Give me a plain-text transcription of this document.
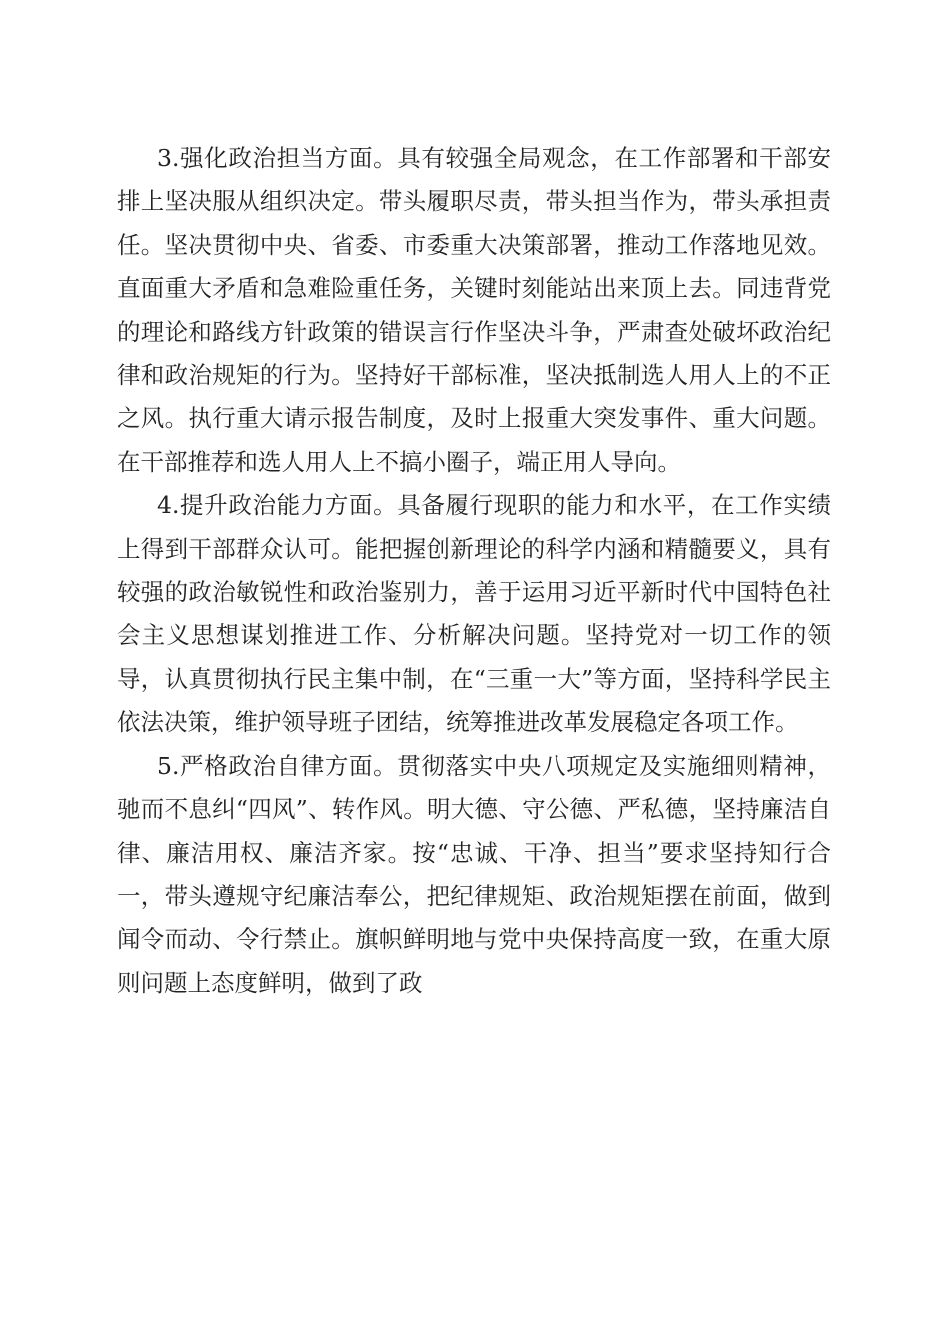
3.强化政治担当方面。具有较强全局观念，在工作部署和干部安排上坚决服从组织决定。带头履职尽责，带头担当作为，带头承担责任。坚决贯彻中央、省委、市委重大决策部署，推动工作落地见效。直面重大矛盾和急难险重任务，关键时刻能站出来顶上去。同违背党的理论和路线方针政策的错误言行作坚决斗争，严肃查处破坏政治纪律和政治规矩的行为。坚持好干部标准，坚决抵制选人用人上的不正之风。执行重大请示报告制度，及时上报重大突发事件、重大问题。在干部推荐和选人用人上不搞小圈子，端正用人导向。

4.提升政治能力方面。具备履行现职的能力和水平，在工作实绩上得到干部群众认可。能把握创新理论的科学内涵和精髓要义，具有较强的政治敏锐性和政治鉴别力，善于运用习近平新时代中国特色社会主义思想谋划推进工作、分析解决问题。坚持党对一切工作的领导，认真贯彻执行民主集中制，在“三重一大”等方面，坚持科学民主依法决策，维护领导班子团结，统筹推进改革发展稳定各项工作。

5.严格政治自律方面。贯彻落实中央八项规定及实施细则精神，驰而不息纠“四风”、转作风。明大德、守公德、严私德，坚持廉洁自律、廉洁用权、廉洁齐家。按“忠诚、干净、担当”要求坚持知行合一，带头遵规守纪廉洁奉公，把纪律规矩、政治规矩摆在前面，做到闻令而动、令行禁止。旗帜鲜明地与党中央保持高度一致，在重大原则问题上态度鲜明，做到了政
